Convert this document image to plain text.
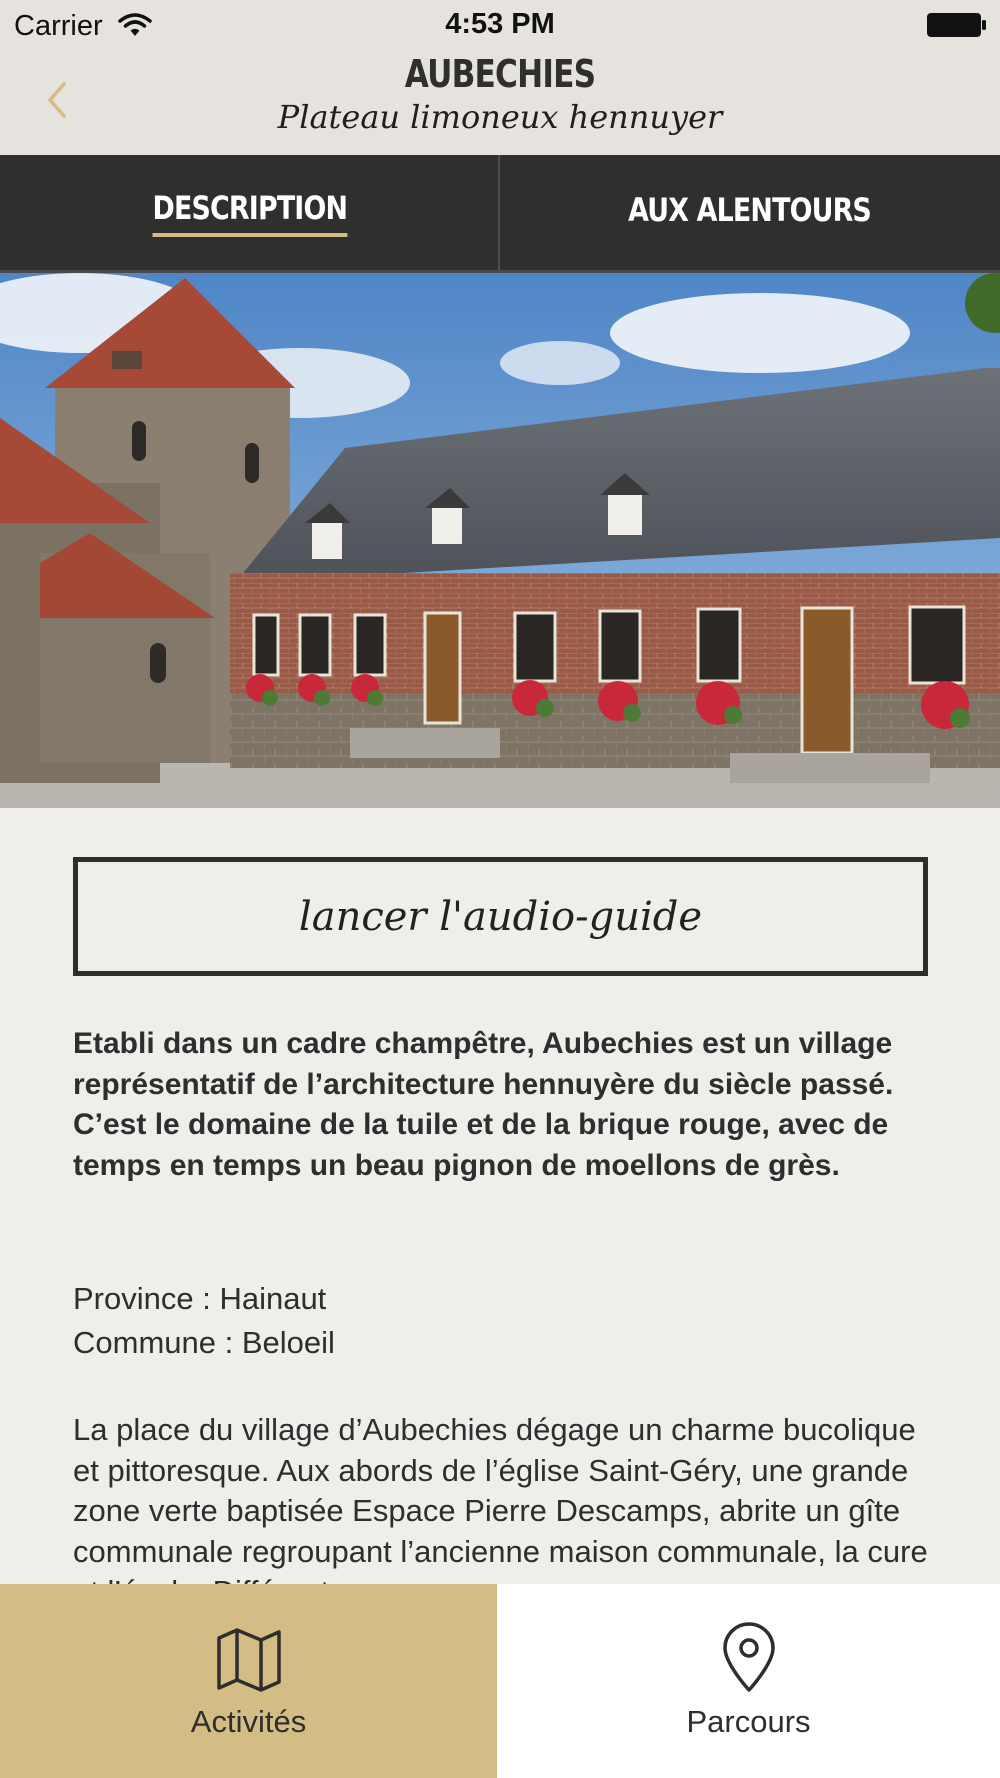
Carrier	4:53 PM
AUBECHIES
Plateau limoneux hennuyer
DESCRIPTION	AUX ALENTOURS
lancer l'audio-guide
Etabli dans un cadre champêtre, Aubechies est un village représentatif de l’architecture hennuyère du siècle passé. C’est le domaine de la tuile et de la brique rouge, avec de temps en temps un beau pignon de moellons de grès.
Province : Hainaut
Commune : Beloeil
La place du village d’Aubechies dégage un charme bucolique et pittoresque. Aux abords de l’église Saint-Géry, une grande zone verte baptisée Espace Pierre Descamps, abrite un gîte communale regroupant l’ancienne maison communale, la cure
Activités	Parcours
